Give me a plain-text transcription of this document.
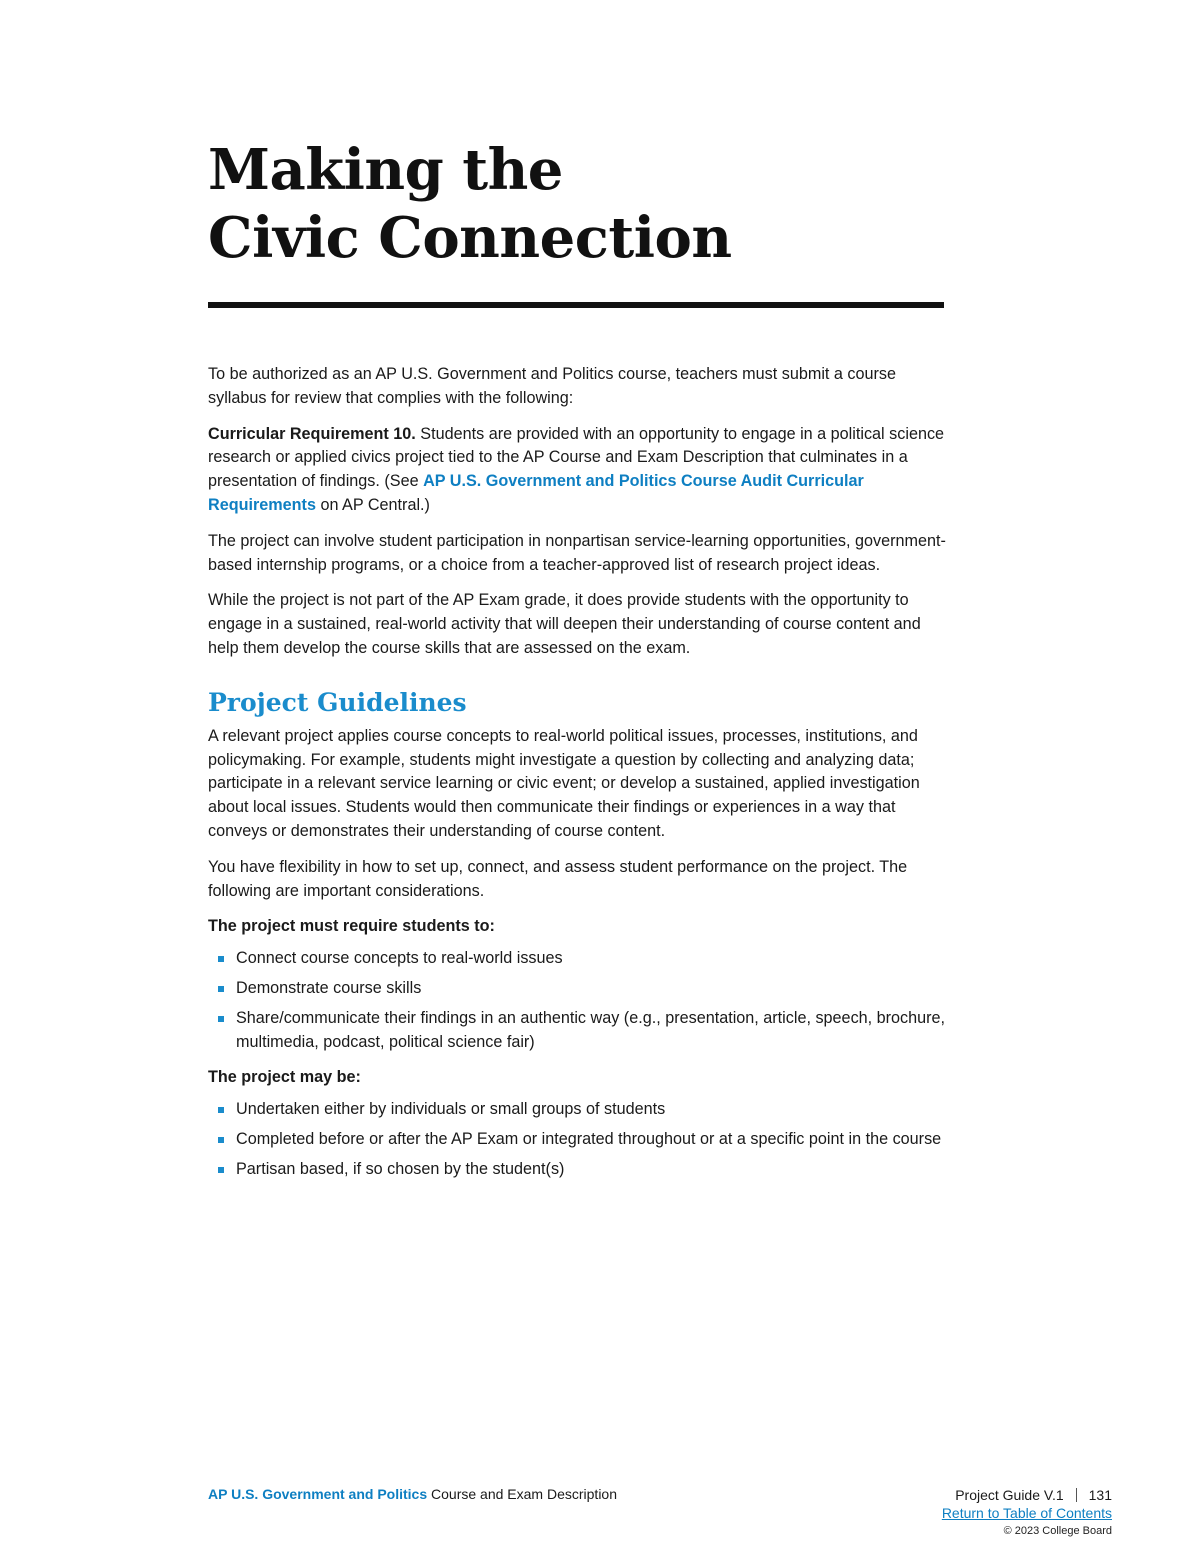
Making the
Civic Connection

To be authorized as an AP U.S. Government and Politics course, teachers must submit a course syllabus for review that complies with the following:

Curricular Requirement 10. Students are provided with an opportunity to engage in a political science research or applied civics project tied to the AP Course and Exam Description that culminates in a presentation of findings. (See AP U.S. Government and Politics Course Audit Curricular Requirements on AP Central.)

The project can involve student participation in nonpartisan service-learning opportunities, government-based internship programs, or a choice from a teacher-approved list of research project ideas.

While the project is not part of the AP Exam grade, it does provide students with the opportunity to engage in a sustained, real-world activity that will deepen their understanding of course content and help them develop the course skills that are assessed on the exam.

Project Guidelines

A relevant project applies course concepts to real-world political issues, processes, institutions, and policymaking. For example, students might investigate a question by collecting and analyzing data; participate in a relevant service learning or civic event; or develop a sustained, applied investigation about local issues. Students would then communicate their findings or experiences in a way that conveys or demonstrates their understanding of course content.

You have flexibility in how to set up, connect, and assess student performance on the project. The following are important considerations.

The project must require students to:

Connect course concepts to real-world issues
Demonstrate course skills
Share/communicate their findings in an authentic way (e.g., presentation, article, speech, brochure, multimedia, podcast, political science fair)

The project may be:

Undertaken either by individuals or small groups of students
Completed before or after the AP Exam or integrated throughout or at a specific point in the course
Partisan based, if so chosen by the student(s)
AP U.S. Government and Politics Course and Exam Description	Project Guide V.1 131
Return to Table of Contents
© 2023 College Board
